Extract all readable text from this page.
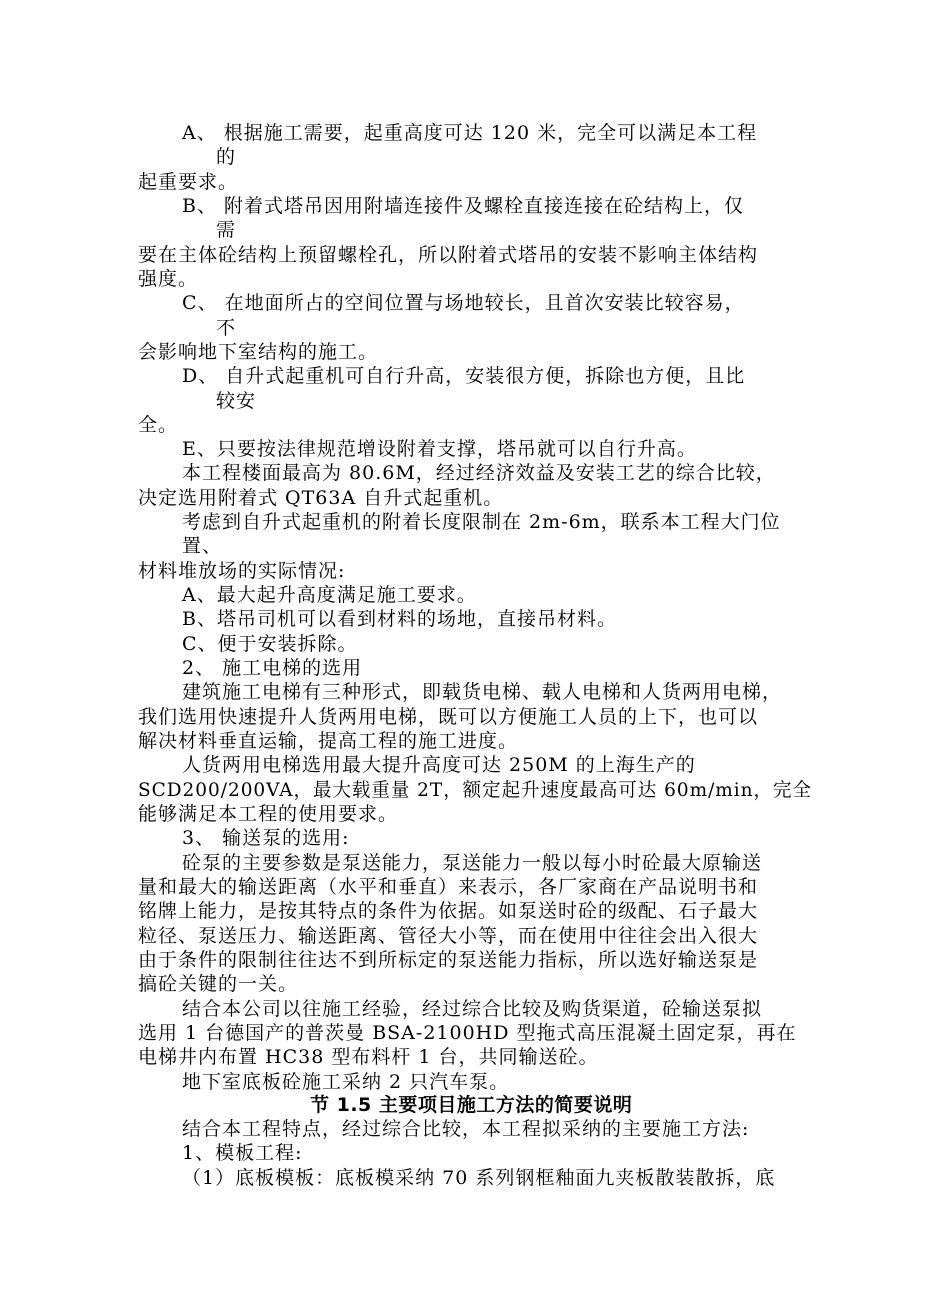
A、 根据施工需要，起重高度可达 120 米，完全可以满足本工程
的
起重要求。
B、 附着式塔吊因用附墙连接件及螺栓直接连接在砼结构上，仅
需
要在主体砼结构上预留螺栓孔，所以附着式塔吊的安装不影响主体结构
强度。
C、 在地面所占的空间位置与场地较长，且首次安装比较容易，
不
会影响地下室结构的施工。
D、 自升式起重机可自行升高，安装很方便，拆除也方便，且比
较安
全。
E、只要按法律规范增设附着支撑，塔吊就可以自行升高。
本工程楼面最高为 80.6M，经过经济效益及安装工艺的综合比较，
决定选用附着式 QT63A 自升式起重机。
考虑到自升式起重机的附着长度限制在 2m-6m，联系本工程大门位
置、
材料堆放场的实际情况:
A、最大起升高度满足施工要求。
B、塔吊司机可以看到材料的场地，直接吊材料。
C、便于安装拆除。
2、 施工电梯的选用
建筑施工电梯有三种形式，即载货电梯、载人电梯和人货两用电梯，
我们选用快速提升人货两用电梯，既可以方便施工人员的上下，也可以
解决材料垂直运输，提高工程的施工进度。
人货两用电梯选用最大提升高度可达 250M 的上海生产的
SCD200/200VA，最大载重量 2T，额定起升速度最高可达 60m/min，完全
能够满足本工程的使用要求。
3、 输送泵的选用:
砼泵的主要参数是泵送能力，泵送能力一般以每小时砼最大原输送
量和最大的输送距离（水平和垂直）来表示，各厂家商在产品说明书和
铭牌上能力，是按其特点的条件为依据。如泵送时砼的级配、石子最大
粒径、泵送压力、输送距离、管径大小等，而在使用中往往会出入很大
由于条件的限制往往达不到所标定的泵送能力指标，所以选好输送泵是
搞砼关键的一关。
结合本公司以往施工经验，经过综合比较及购货渠道，砼输送泵拟
选用 1 台德国产的普茨曼 BSA-2100HD 型拖式高压混凝土固定泵，再在
电梯井内布置 HC38 型布料杆 1 台，共同输送砼。
地下室底板砼施工采纳 2 只汽车泵。
节 1.5 主要项目施工方法的简要说明
结合本工程特点，经过综合比较，本工程拟采纳的主要施工方法:
1、模板工程:
（1）底板模板：底板模采纳 70 系列钢框釉面九夹板散装散拆，底
